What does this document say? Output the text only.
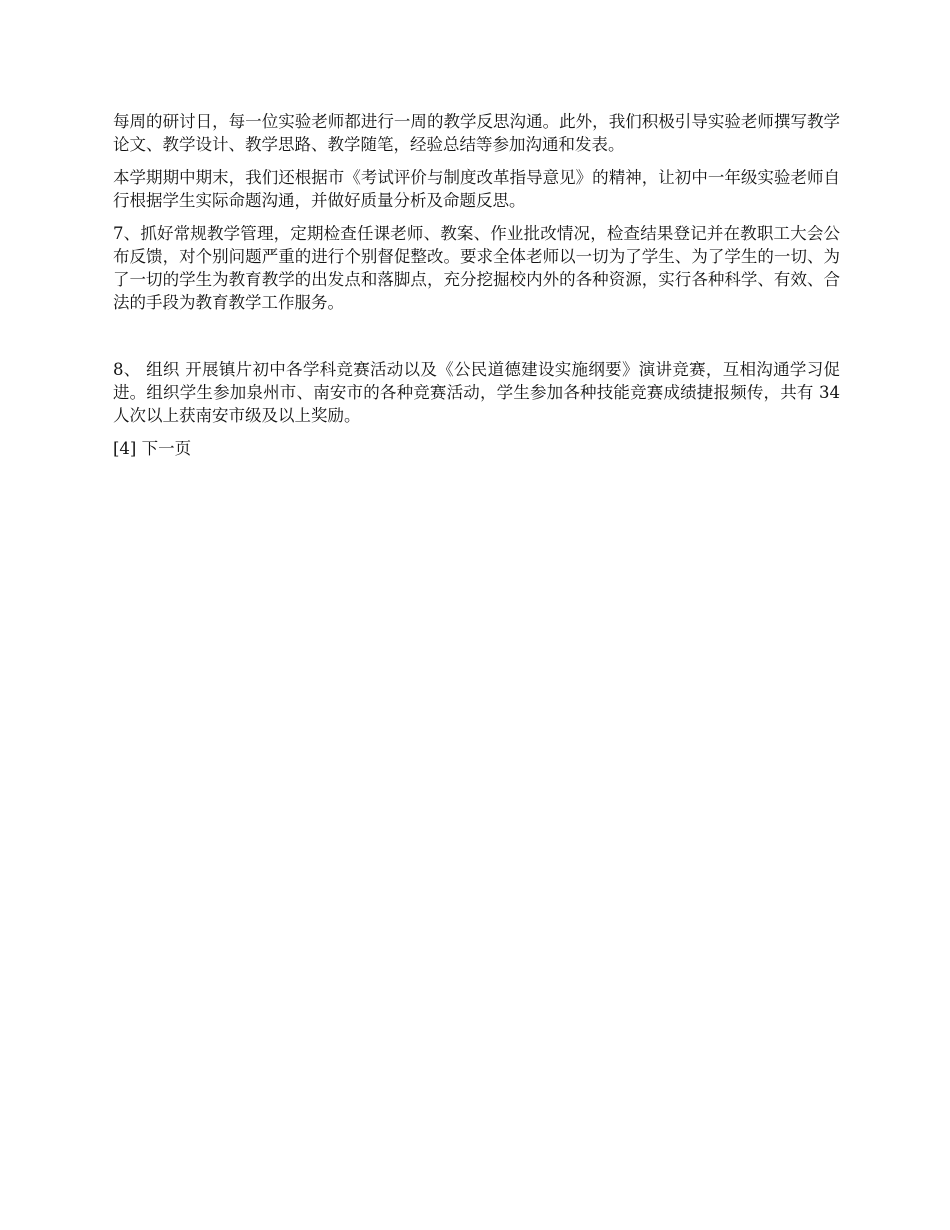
每周的研讨日，每一位实验老师都进行一周的教学反思沟通。此外，我们积极引导实验老师撰写教学论文、教学设计、教学思路、教学随笔，经验总结等参加沟通和发表。

本学期期中期末，我们还根据市《考试评价与制度改革指导意见》的精神，让初中一年级实验老师自行根据学生实际命题沟通，并做好质量分析及命题反思。

7、抓好常规教学管理，定期检查任课老师、教案、作业批改情况，检查结果登记并在教职工大会公布反馈，对个别问题严重的进行个别督促整改。要求全体老师以一切为了学生、为了学生的一切、为了一切的学生为教育教学的出发点和落脚点，充分挖掘校内外的各种资源，实行各种科学、有效、合法的手段为教育教学工作服务。

8、 组织 开展镇片初中各学科竞赛活动以及《公民道德建设实施纲要》演讲竞赛，互相沟通学习促进。组织学生参加泉州市、南安市的各种竞赛活动，学生参加各种技能竞赛成绩捷报频传，共有 34 人次以上获南安市级及以上奖励。

[4] 下一页
